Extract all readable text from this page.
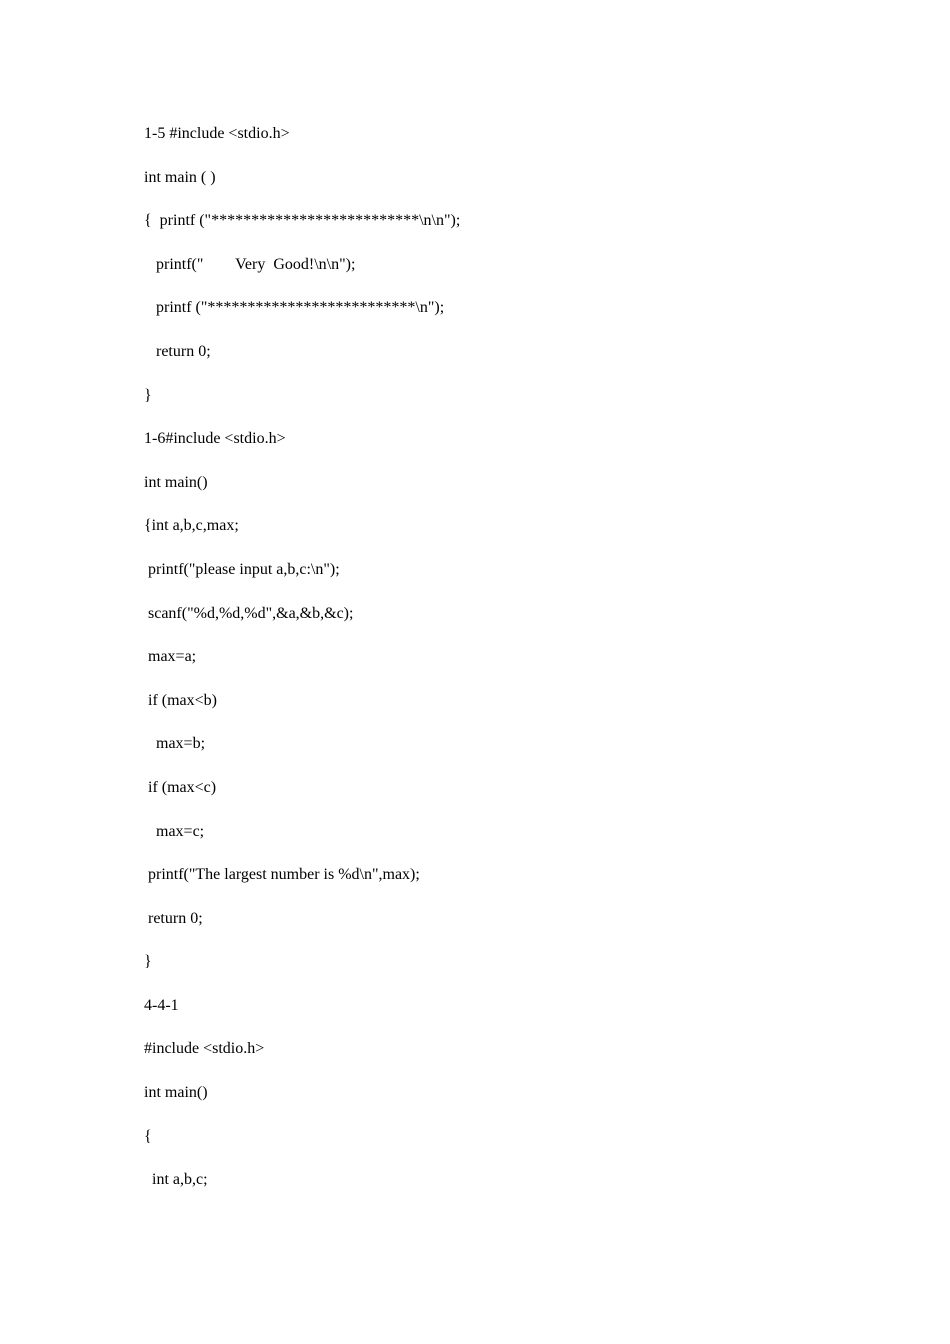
1-5 #include <stdio.h>
int main ( )
{  printf ("**************************\n\n");
printf("        Very  Good!\n\n");
printf ("**************************\n");
return 0;
}
1-6#include <stdio.h>
int main()
{int a,b,c,max;
printf("please input a,b,c:\n");
scanf("%d,%d,%d",&a,&b,&c);
max=a;
if (max<b)
max=b;
if (max<c)
max=c;
printf("The largest number is %d\n",max);
return 0;
}
4-4-1
#include <stdio.h>
int main()
{
int a,b,c;
